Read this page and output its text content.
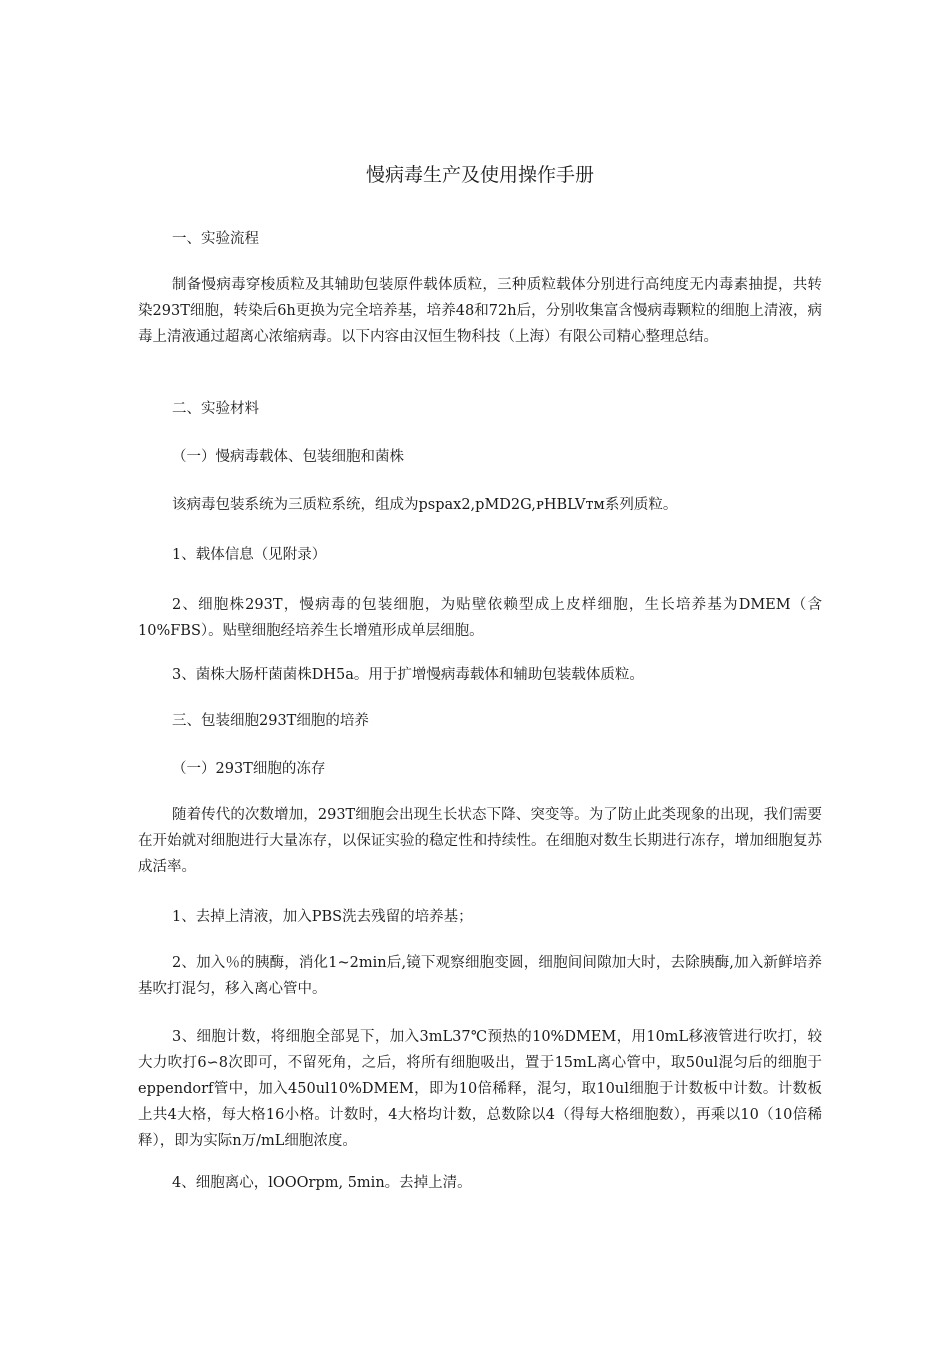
慢病毒生产及使用操作手册

一、实验流程

制备慢病毒穿梭质粒及其辅助包装原件载体质粒，三种质粒载体分别进行高纯度无内毒素抽提，共转染293T细胞，转染后6h更换为完全培养基，培养48和72h后，分别收集富含慢病毒颗粒的细胞上清液，病毒上清液通过超离心浓缩病毒。以下内容由汉恒生物科技（上海）有限公司精心整理总结。

二、实验材料

（一）慢病毒载体、包装细胞和菌株

该病毒包装系统为三质粒系统，组成为pspax2,pMD2G,ᴘHBLVᴛᴍ系列质粒。

1、载体信息（见附录）

2、细胞株293T，慢病毒的包装细胞，为贴壁依赖型成上皮样细胞，生长培养基为DMEM（含10%FBS）。贴壁细胞经培养生长增殖形成单层细胞。

3、菌株大肠杆菌菌株DH5a。用于扩增慢病毒载体和辅助包装载体质粒。

三、包装细胞293T细胞的培养

（一）293T细胞的冻存

随着传代的次数增加，293T细胞会出现生长状态下降、突变等。为了防止此类现象的出现，我们需要在开始就对细胞进行大量冻存，以保证实验的稳定性和持续性。在细胞对数生长期进行冻存，增加细胞复苏成活率。

1、去掉上清液，加入PBS洗去残留的培养基；

2、加入％的胰酶，消化1~2min后,镜下观察细胞变圆，细胞间间隙加大时，去除胰酶,加入新鲜培养基吹打混匀，移入离心管中。

3、细胞计数，将细胞全部晃下，加入3mL37℃预热的10%DMEM，用10mL移液管进行吹打，较大力吹打6∽8次即可，不留死角，之后，将所有细胞吸出，置于15mL离心管中，取50ul混匀后的细胞于eppendorf管中，加入450ul10%DMEM，即为10倍稀释，混匀，取10ul细胞于计数板中计数。计数板上共4大格，每大格16小格。计数时，4大格均计数，总数除以4（得每大格细胞数），再乘以10（10倍稀释），即为实际n万/mL细胞浓度。

4、细胞离心，lOOOrpm, 5min。去掉上清。
